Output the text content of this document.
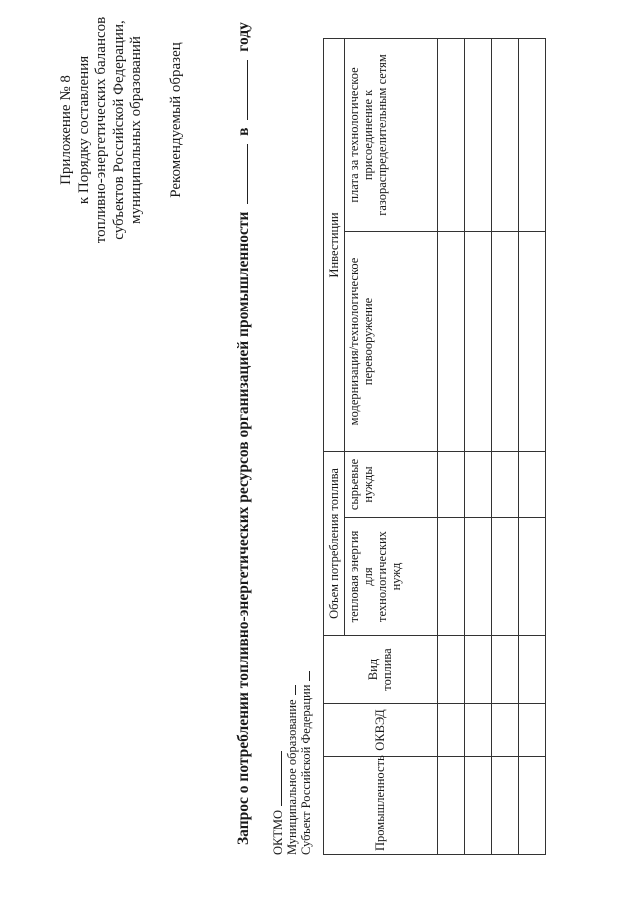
Приложение № 8 к Порядку составления топливно-энергетических балансов субъектов Российской Федерации, муниципальных образований Рекомендуемый образец
Запрос о потреблении топливно-энергетических ресурсов организацией промышленности  в  году
ОКТМО Муниципальное образование Субъект Российской Федерации	Промышленность	ОКВЭД	Вид топлива	Объем потребления топлива		Инвестиции	
			тепловая энергия для технологических нужд	сырьевые нужды	модернизация/технологическое перевооружение	плата за технологическое присоединение к газораспределительным сетям
